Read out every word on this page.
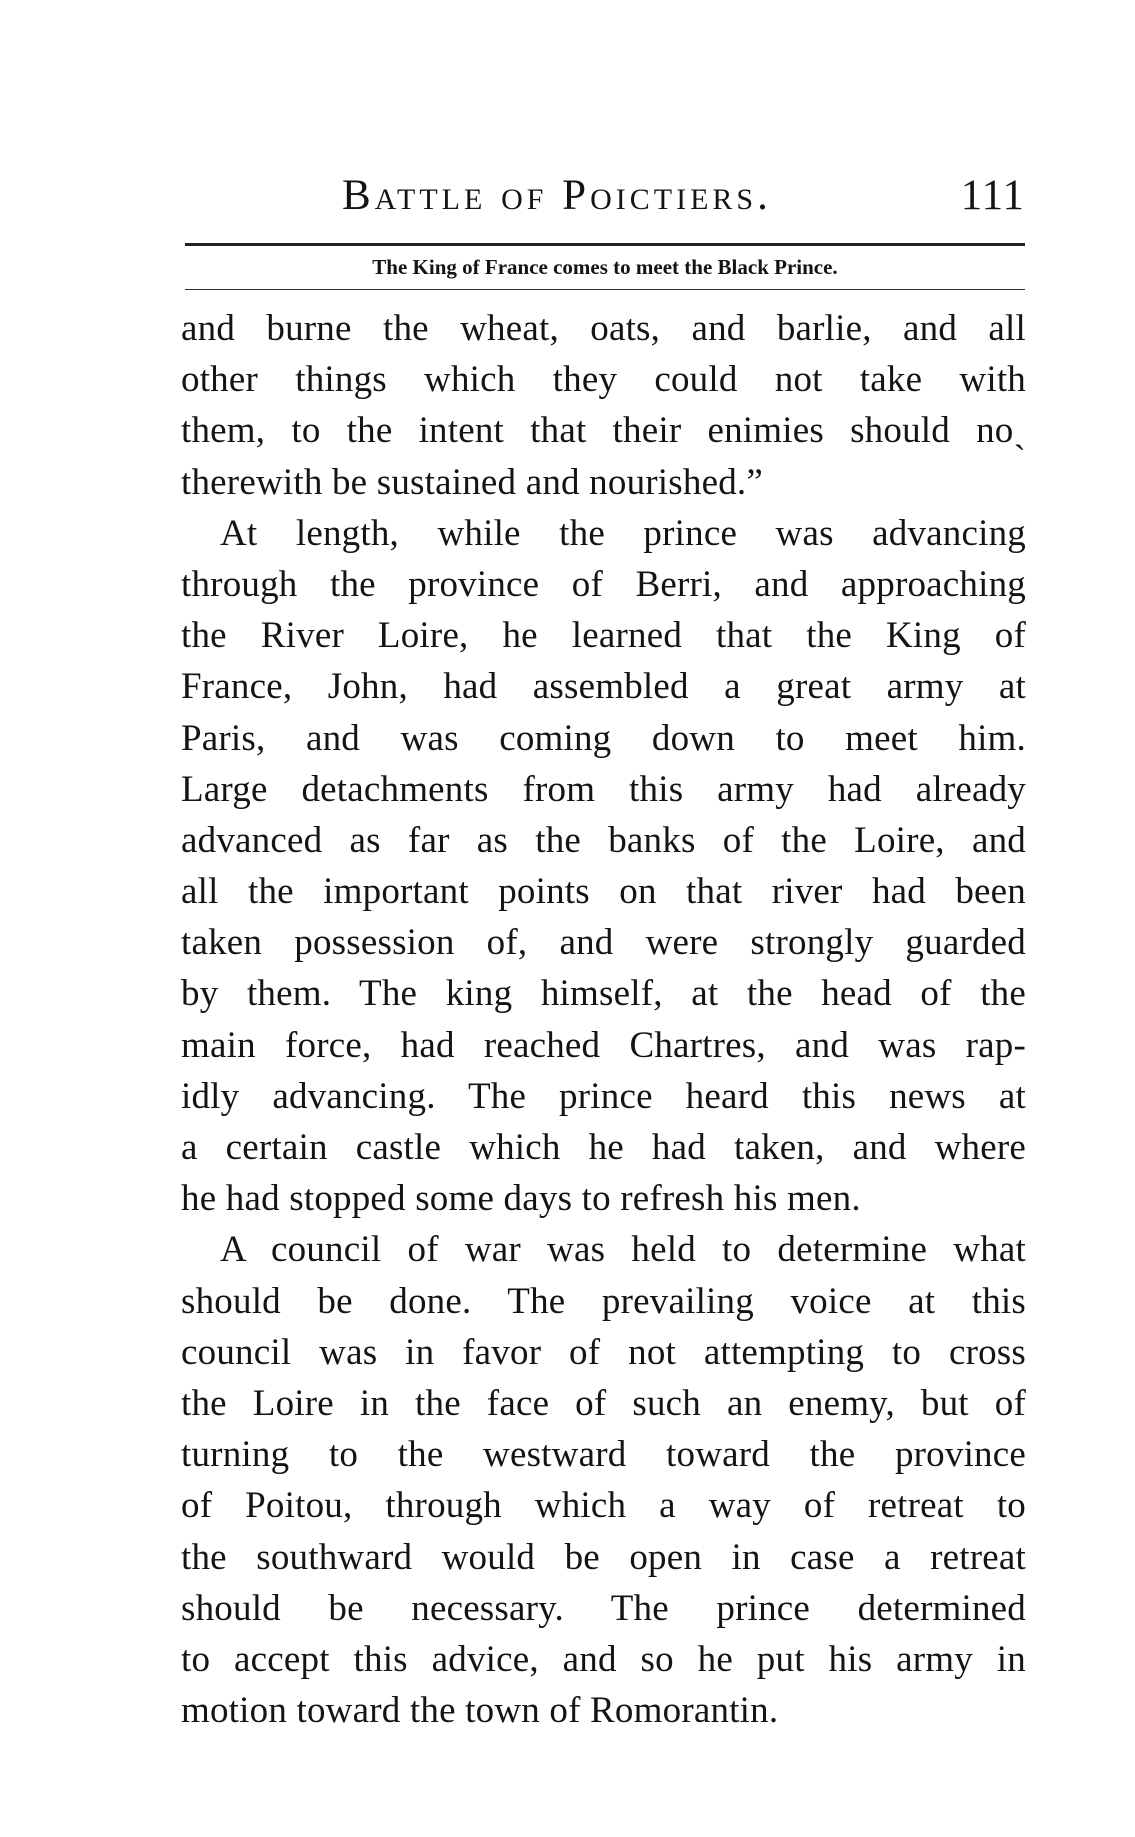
Battle of Poictiers.	111
The King of France comes to meet the Black Prince.
and burne the wheat, oats, and barlie, and all
other things which they could not take with
them, to the intent that their enimies should noˎ
therewith be sustained and nourished.”
At length, while the prince was advancing
through the province of Berri, and approaching
the River Loire, he learned that the King of
France, John, had assembled a great army at
Paris, and was coming down to meet him.
Large detachments from this army had already
advanced as far as the banks of the Loire, and
all the important points on that river had been
taken possession of, and were strongly guarded
by them. The king himself, at the head of the
main force, had reached Chartres, and was rap-
idly advancing. The prince heard this news at
a certain castle which he had taken, and where
he had stopped some days to refresh his men.
A council of war was held to determine what
should be done. The prevailing voice at this
council was in favor of not attempting to cross
the Loire in the face of such an enemy, but of
turning to the westward toward the province
of Poitou, through which a way of retreat to
the southward would be open in case a retreat
should be necessary. The prince determined
to accept this advice, and so he put his army in
motion toward the town of Romorantin.
